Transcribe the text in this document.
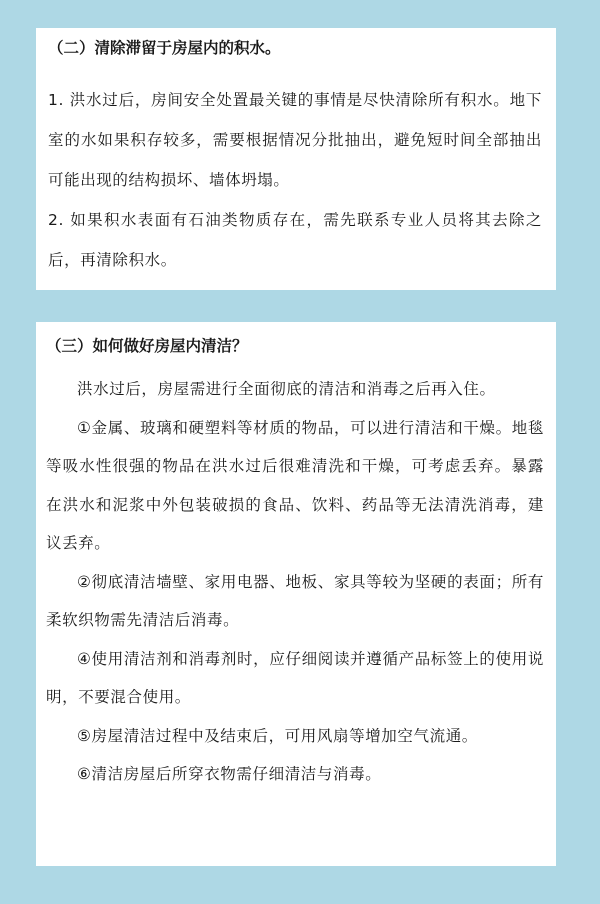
（二）清除滞留于房屋内的积水。

1. 洪水过后，房间安全处置最关键的事情是尽快清除所有积水。地下室的水如果积存较多，需要根据情况分批抽出，避免短时间全部抽出可能出现的结构损坏、墙体坍塌。

2. 如果积水表面有石油类物质存在，需先联系专业人员将其去除之后，再清除积水。

（三）如何做好房屋内清洁？

洪水过后，房屋需进行全面彻底的清洁和消毒之后再入住。

①金属、玻璃和硬塑料等材质的物品，可以进行清洁和干燥。地毯等吸水性很强的物品在洪水过后很难清洗和干燥，可考虑丢弃。暴露在洪水和泥浆中外包装破损的食品、饮料、药品等无法清洗消毒，建议丢弃。

②彻底清洁墙壁、家用电器、地板、家具等较为坚硬的表面；所有柔软织物需先清洁后消毒。

④使用清洁剂和消毒剂时，应仔细阅读并遵循产品标签上的使用说明，不要混合使用。

⑤房屋清洁过程中及结束后，可用风扇等增加空气流通。

⑥清洁房屋后所穿衣物需仔细清洁与消毒。
